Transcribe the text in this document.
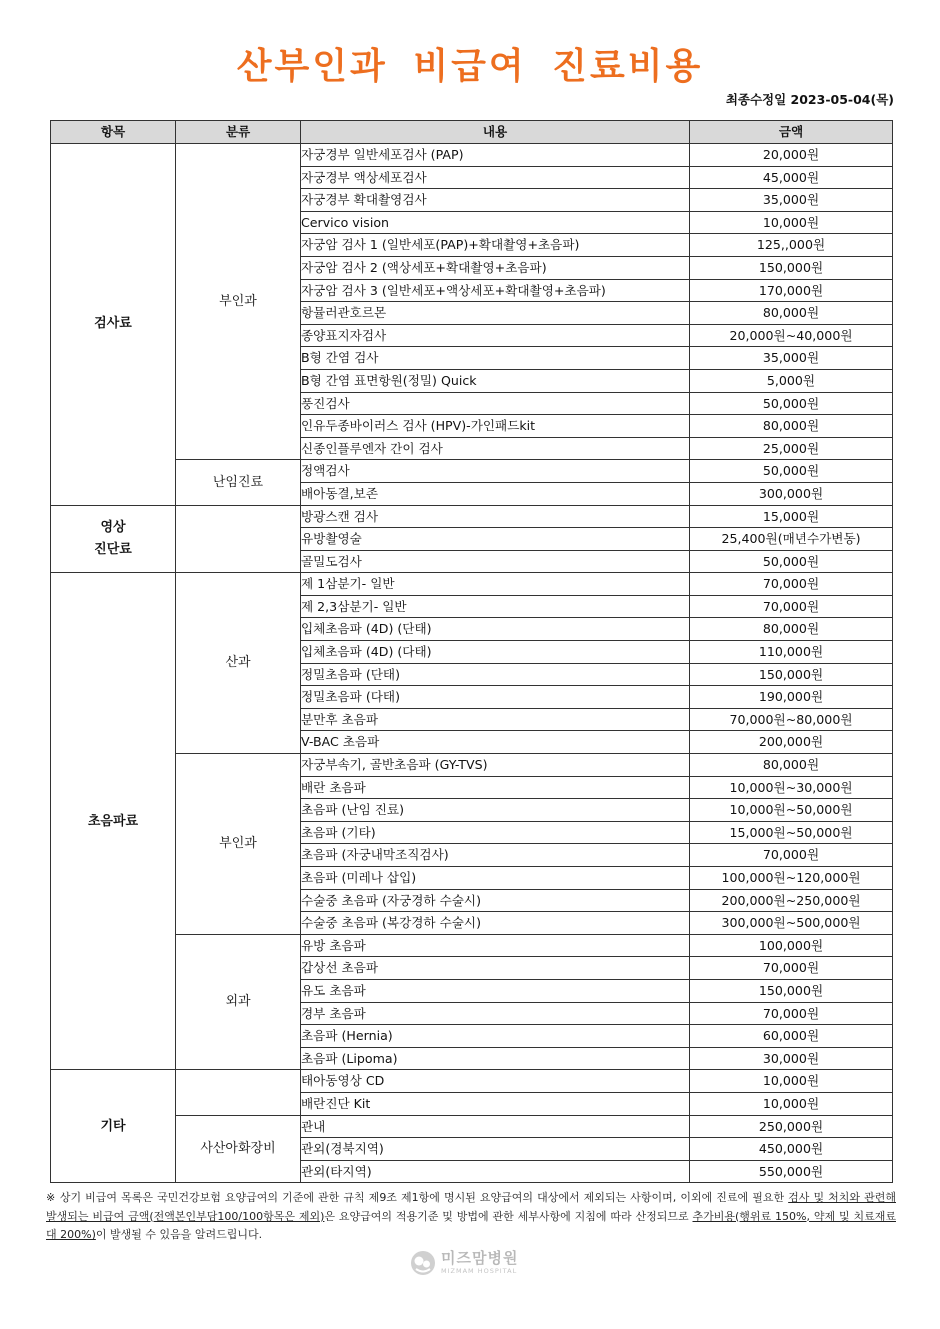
산부인과 비급여 진료비용
최종수정일 2023-05-04(목)
항목	분류	내용	금액
검사료	부인과	자궁경부 일반세포검사 (PAP)	20,000원
		자궁경부 액상세포검사	45,000원
		자궁경부 확대촬영검사	35,000원
		Cervico vision	10,000원
		자궁암 검사 1 (일반세포(PAP)+확대촬영+초음파)	125,,000원
		자궁암 검사 2 (액상세포+확대촬영+초음파)	150,000원
		자궁암 검사 3 (일반세포+액상세포+확대촬영+초음파)	170,000원
		항뮬러관호르몬	80,000원
		종양표지자검사	20,000원~40,000원
		B형 간염 검사	35,000원
		B형 간염 표면항원(정밀) Quick	5,000원
		풍진검사	50,000원
		인유두종바이러스 검사 (HPV)-가인패드kit	80,000원
		신종인플루엔자 간이 검사	25,000원
	난임진료	정액검사	50,000원
		배아동결,보존	300,000원
영상
진단료		방광스캔 검사	15,000원
		유방촬영술	25,400원(매년수가변동)
		골밀도검사	50,000원
초음파료	산과	제 1삼분기- 일반	70,000원
		제 2,3삼분기- 일반	70,000원
		입체초음파 (4D) (단태)	80,000원
		입체초음파 (4D) (다태)	110,000원
		정밀초음파 (단태)	150,000원
		정밀초음파 (다태)	190,000원
		분만후 초음파	70,000원~80,000원
		V-BAC 초음파	200,000원
	부인과	자궁부속기, 골반초음파 (GY-TVS)	80,000원
		배란 초음파	10,000원~30,000원
		초음파 (난임 진료)	10,000원~50,000원
		초음파 (기타)	15,000원~50,000원
		초음파 (자궁내막조직검사)	70,000원
		초음파 (미레나 삽입)	100,000원~120,000원
		수술중 초음파 (자궁경하 수술시)	200,000원~250,000원
		수술중 초음파 (복강경하 수술시)	300,000원~500,000원
	외과	유방 초음파	100,000원
		갑상선 초음파	70,000원
		유도 초음파	150,000원
		경부 초음파	70,000원
		초음파 (Hernia)	60,000원
		초음파 (Lipoma)	30,000원
기타		태아동영상 CD	10,000원
		배란진단 Kit	10,000원
	사산아화장비	관내	250,000원
		관외(경북지역)	450,000원
		관외(타지역)	550,000원
※ 상기 비급여 목록은 국민건강보험 요양급여의 기준에 관한 규칙 제9조 제1항에 명시된 요양급여의 대상에서 제외되는 사항이며, 이외에 진료에 필요한 검사 및 처치와 관련해 발생되는 비급여 금액(전액본인부담100/100항목은 제외)은 요양급여의 적용기준 및 방법에 관한 세부사항에 지침에 따라 산정되므로 추가비용(행위료 150%, 약제 및 치료재료대 200%)이 발생될 수 있음을 알려드립니다.
미즈맘병원
MIZMAM HOSPITAL
